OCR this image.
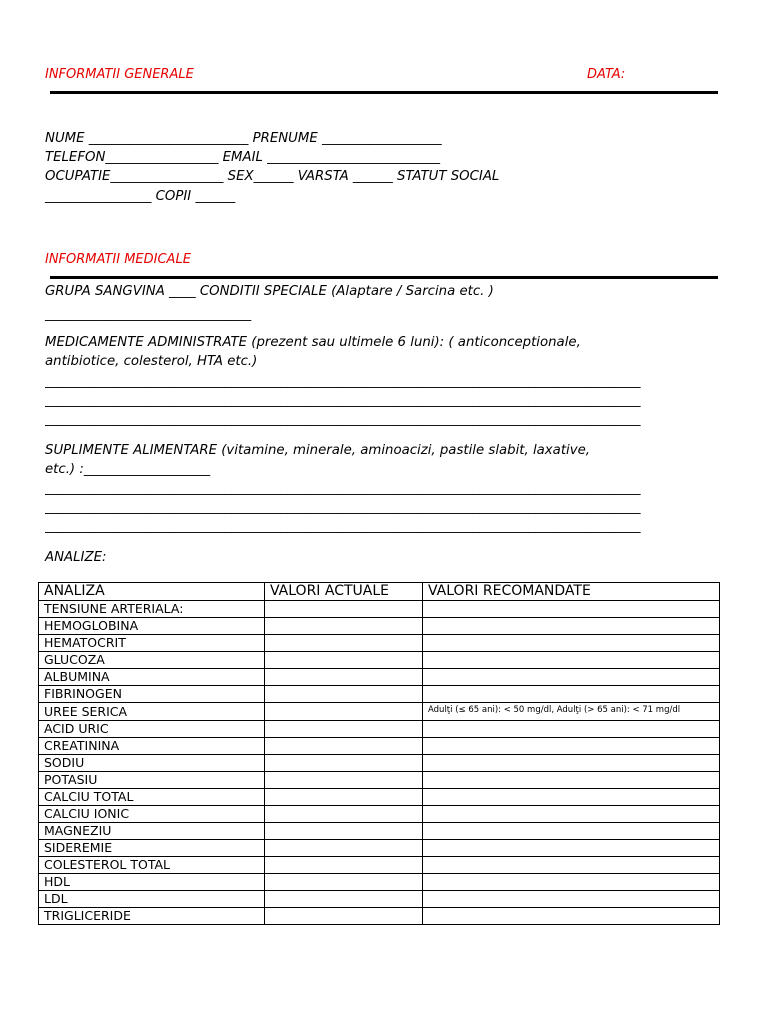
INFORMATII GENERALE	DATA:
NUME ________________________ PRENUME __________________
TELEFON_________________ EMAIL __________________________
OCUPATIE_________________ SEX______ VARSTA ______ STATUT SOCIAL
________________ COPII ______
INFORMATII MEDICALE
GRUPA SANGVINA ____ CONDITII SPECIALE (Alaptare / Sarcina etc. )
_______________________________
MEDICAMENTE ADMINISTRATE (prezent sau ultimele 6 luni): ( anticonceptionale,
antibiotice, colesterol, HTA etc.)
________________________________________________________________________________________________
________________________________________________________________________________________________
________________________________________________________________________________________________
SUPLIMENTE ALIMENTARE (vitamine, minerale, aminoacizi, pastile slabit, laxative,
etc.) :___________________
________________________________________________________________________________________________
________________________________________________________________________________________________
________________________________________________________________________________________________
ANALIZE:
ANALIZA	VALORI ACTUALE	VALORI RECOMANDATE
TENSIUNE ARTERIALA:		
HEMOGLOBINA		
HEMATOCRIT		
GLUCOZA		
ALBUMINA		
FIBRINOGEN		
UREE SERICA		Adulţi (≤ 65 ani): < 50 mg/dl, Adulţi (> 65 ani): < 71 mg/dl
ACID URIC		
CREATININA		
SODIU		
POTASIU		
CALCIU TOTAL		
CALCIU IONIC		
MAGNEZIU		
SIDEREMIE		
COLESTEROL TOTAL		
HDL		
LDL		
TRIGLICERIDE		
